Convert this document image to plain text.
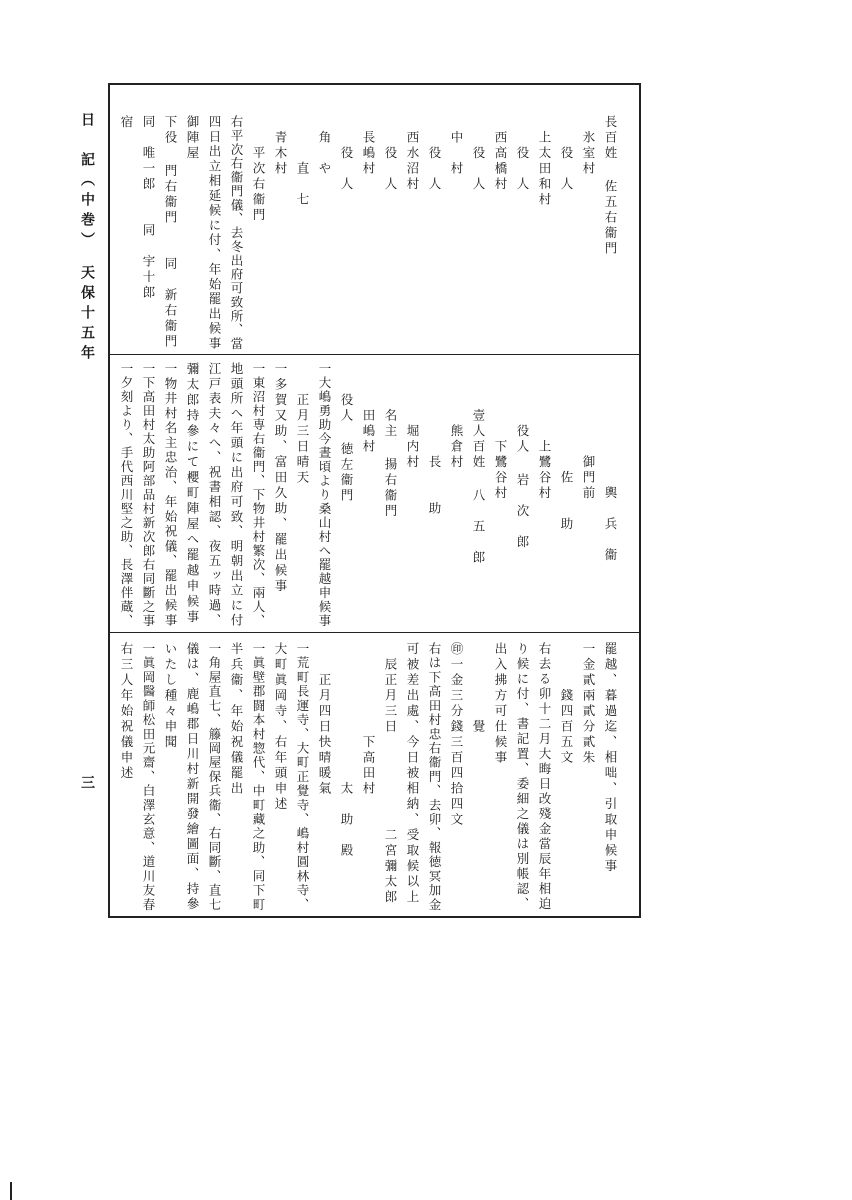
日　記（中巻）　天保十五年
三
長百姓 佐五右衞門
　氷室村
　　役　人
　上太田和村
　　役　人
　西高橋村
　　役　人
　中　村
　　役　人
　西水沼村
　　役　人
　長嶋村
　　役　人
　角　や
　　　直　七
　青木村
　　平次右衞門
右平次右衞門儀、去冬出府可致所、當
四日出立相延候に付、年始罷出候事
御陣屋
下役 門右衞門　　同　新右衞門
同　唯一郎　　同　宇十郎
宿
　　　　　　　　輿　兵　衞
　　　　　　御門前
　　　　　　　佐　　助
　　　　　上鷺谷村
　　　　役人 岩　次　郎
　　　　　下鷺谷村
　　　壹人百姓 八　五　郎
　　　　熊倉村
　　　　　　長　　助
　　　　堀内村
　　　名主 揚右衞門
　　　田嶋村
　　役人 徳左衞門
一大嶋勇助今晝頃より桑山村へ罷越申候事
　　正月三日晴天
一多賀又助、富田久助、罷出候事
一東沼村専右衞門、下物井村繁次、兩人、
地頭所へ年頭に出府可致、明朝出立に付
江戸表夫々へ、祝書相認、夜五ッ時過、
彌太郎持參にて櫻町陣屋へ罷越申候事
一物井村名主忠治、年始祝儀、罷出候事
一下高田村太助阿部品村新次郎右同斷之事
一夕刻より、手代西川堅之助、長澤伴蔵、
罷越、暮過迄、相咄、引取申候事
一金貳兩貳分貳朱
　　　錢四百五文
右去る卯十二月大晦日改殘金當辰年相迫
り候に付、書記置、委細之儀は別帳認、
出入拂方可仕候事
　　　　　覺
㊞一金三分錢三百四拾四文
右は下高田村忠右衞門、去卯、報徳冥加金
可被差出處、今日被相納、受取候以上
　辰正月三日　　　　　　二宮彌太郎
　　　　　　下高田村
　　　　　　　　　太　助　殿
　　正月四日快晴暖氣
一荒町長運寺、大町正覺寺、嶋村圓林寺、
大町眞岡寺、右年頭申述
一眞壁郡闘本村惣代、中町藏之助、同下町
半兵衞、年始祝儀罷出
一角屋直七、籐岡屋保兵衞、右同斷、直七
儀は、鹿嶋郡日川村新開發繪圖面、持參
いたし種々申聞
一眞岡醫師松田元齋、白澤玄意、道川友春
右三人年始祝儀申述
